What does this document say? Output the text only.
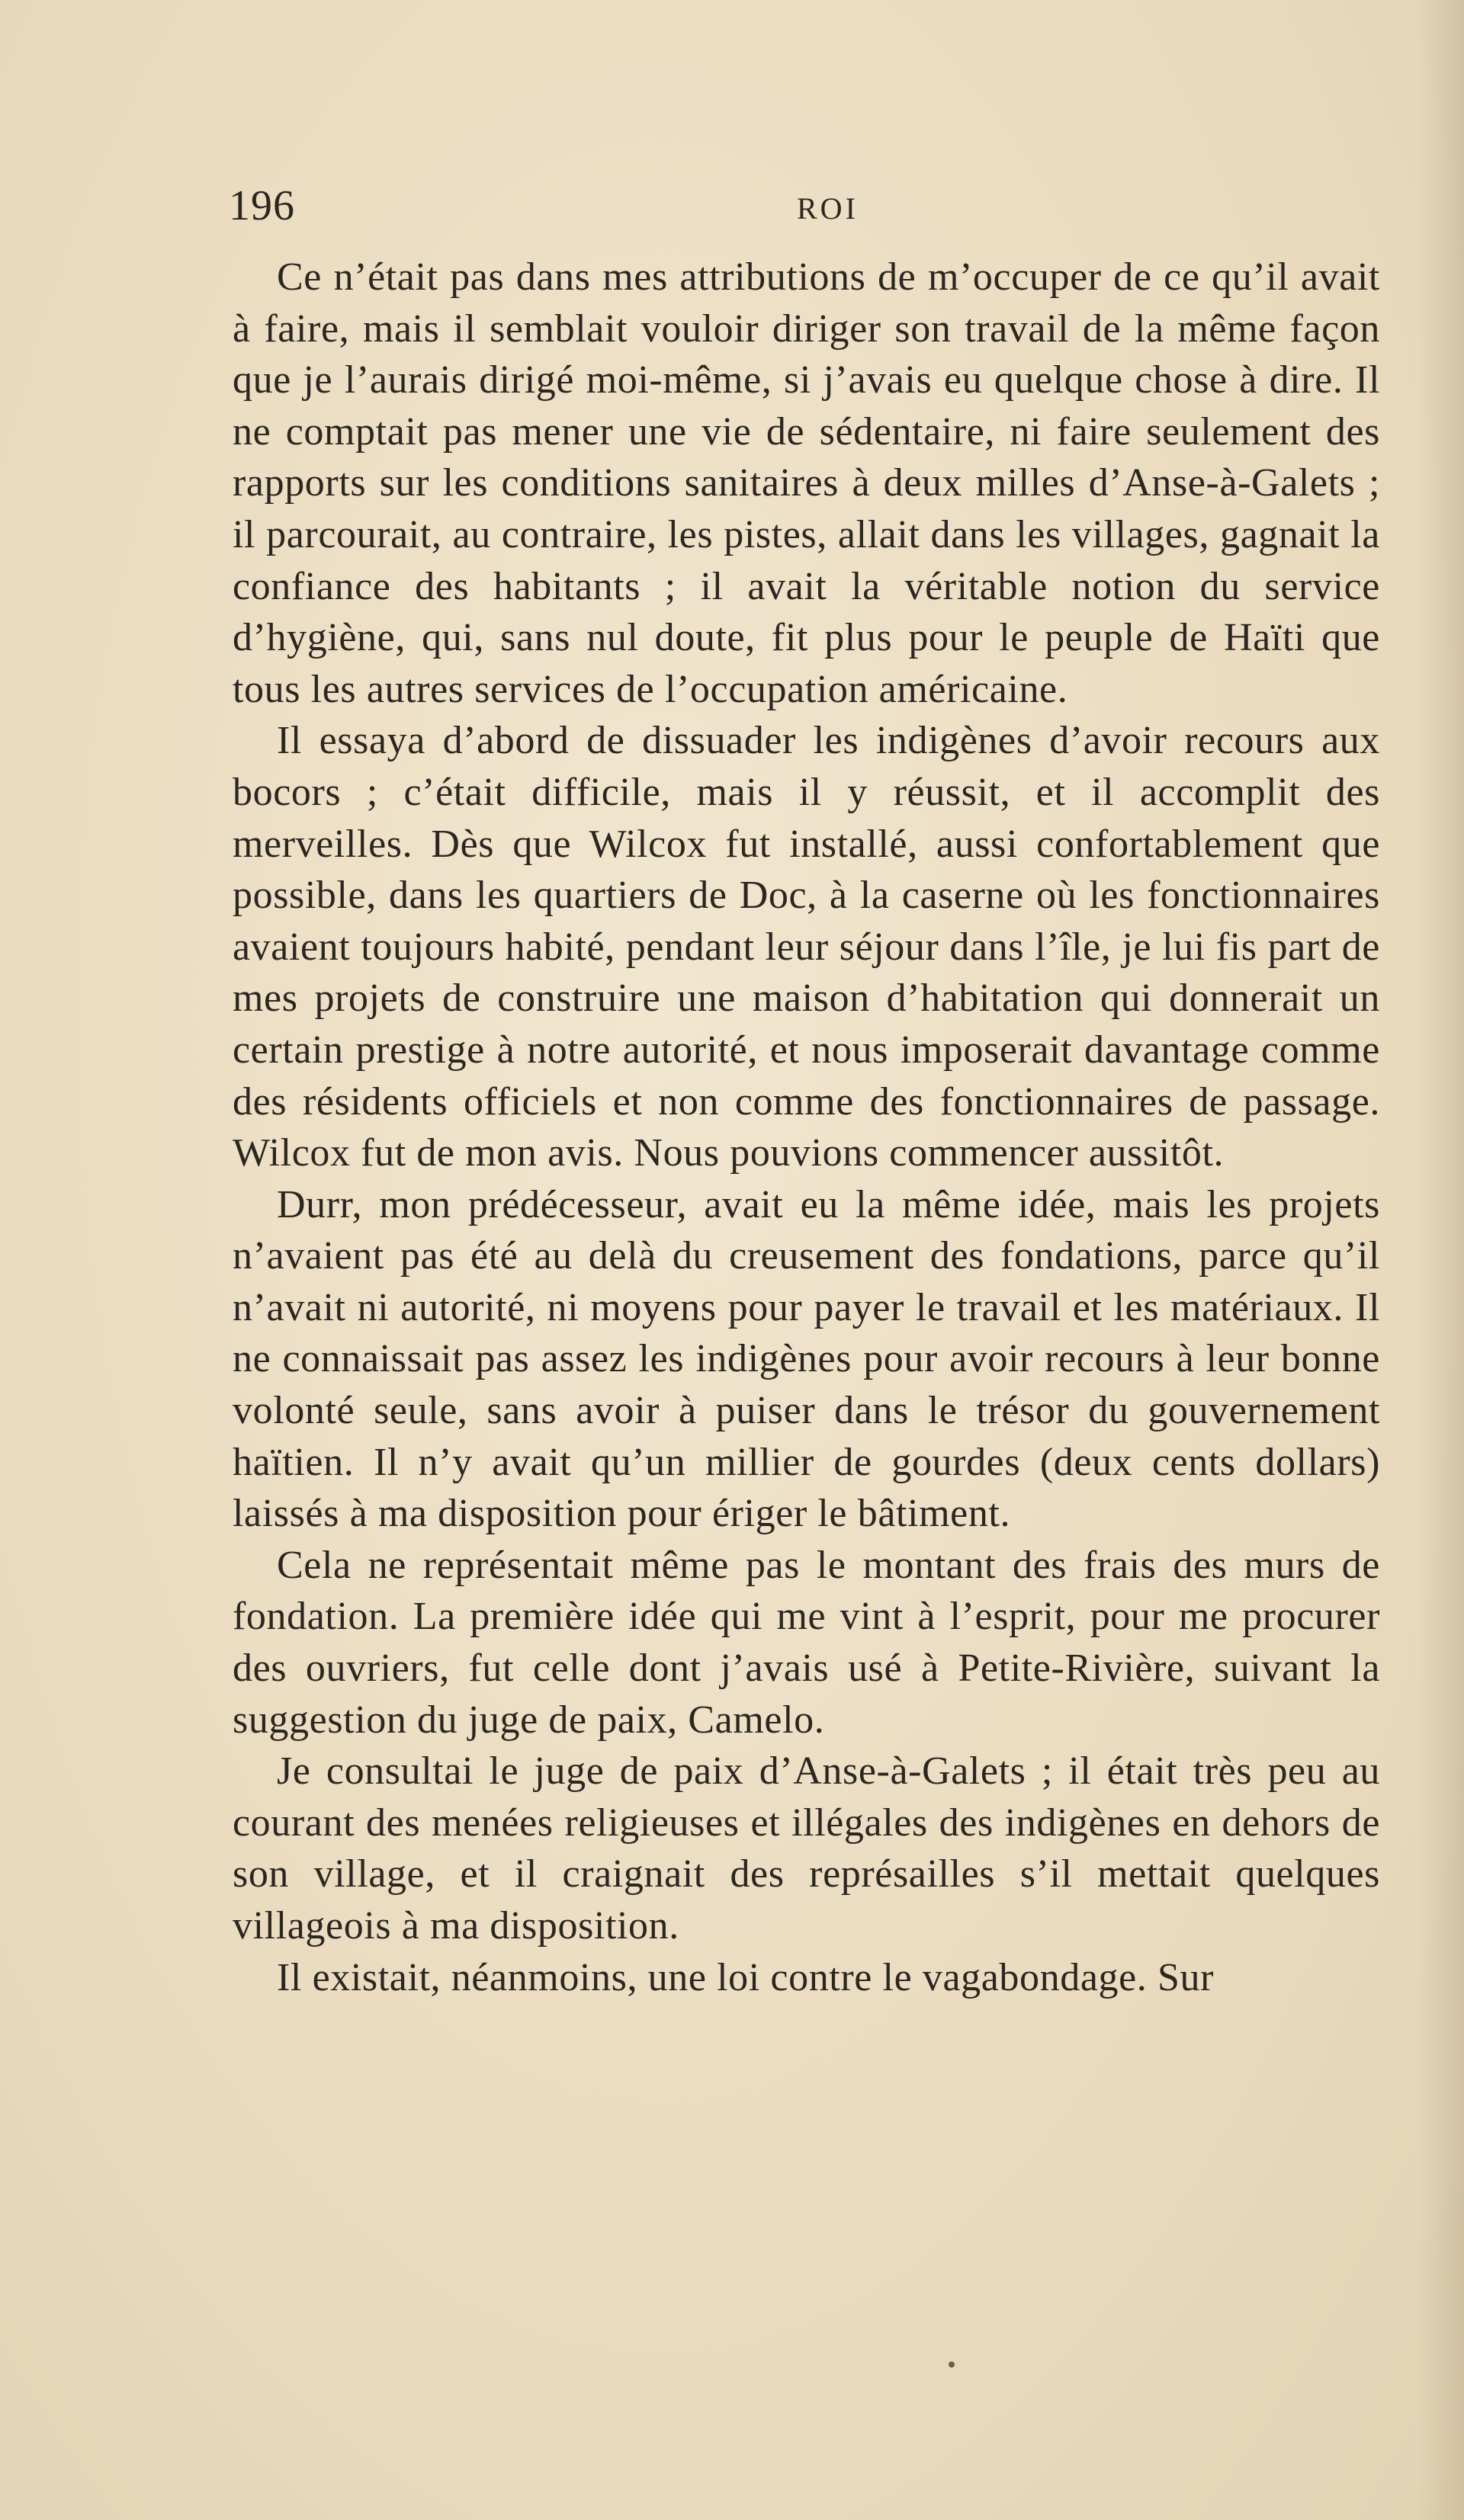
196	ROI

Ce n’était pas dans mes attributions de m’occuper de ce qu’il avait à faire, mais il semblait vouloir diriger son travail de la même façon que je l’aurais dirigé moi-même, si j’avais eu quelque chose à dire. Il ne comptait pas mener une vie de sédentaire, ni faire seulement des rapports sur les conditions sanitaires à deux milles d’Anse-à-Galets ; il parcourait, au contraire, les pistes, allait dans les villages, gagnait la confiance des habitants ; il avait la véritable notion du service d’hygiène, qui, sans nul doute, fit plus pour le peuple de Haïti que tous les autres services de l’occupation américaine.

Il essaya d’abord de dissuader les indigènes d’avoir recours aux bocors ; c’était difficile, mais il y réussit, et il accomplit des merveilles. Dès que Wilcox fut installé, aussi confortablement que possible, dans les quartiers de Doc, à la caserne où les fonctionnaires avaient toujours habité, pendant leur séjour dans l’île, je lui fis part de mes projets de construire une maison d’habitation qui donnerait un certain prestige à notre autorité, et nous imposerait davantage comme des résidents officiels et non comme des fonctionnaires de passage. Wilcox fut de mon avis. Nous pouvions commencer aussitôt.

Durr, mon prédécesseur, avait eu la même idée, mais les projets n’avaient pas été au delà du creusement des fondations, parce qu’il n’avait ni autorité, ni moyens pour payer le travail et les matériaux. Il ne connaissait pas assez les indigènes pour avoir recours à leur bonne volonté seule, sans avoir à puiser dans le trésor du gouvernement haïtien. Il n’y avait qu’un millier de gourdes (deux cents dollars) laissés à ma disposition pour ériger le bâtiment.

Cela ne représentait même pas le montant des frais des murs de fondation. La première idée qui me vint à l’esprit, pour me procurer des ouvriers, fut celle dont j’avais usé à Petite-Rivière, suivant la suggestion du juge de paix, Camelo.

Je consultai le juge de paix d’Anse-à-Galets ; il était très peu au courant des menées religieuses et illégales des indigènes en dehors de son village, et il craignait des représailles s’il mettait quelques villageois à ma disposition.

Il existait, néanmoins, une loi contre le vagabondage. Sur
